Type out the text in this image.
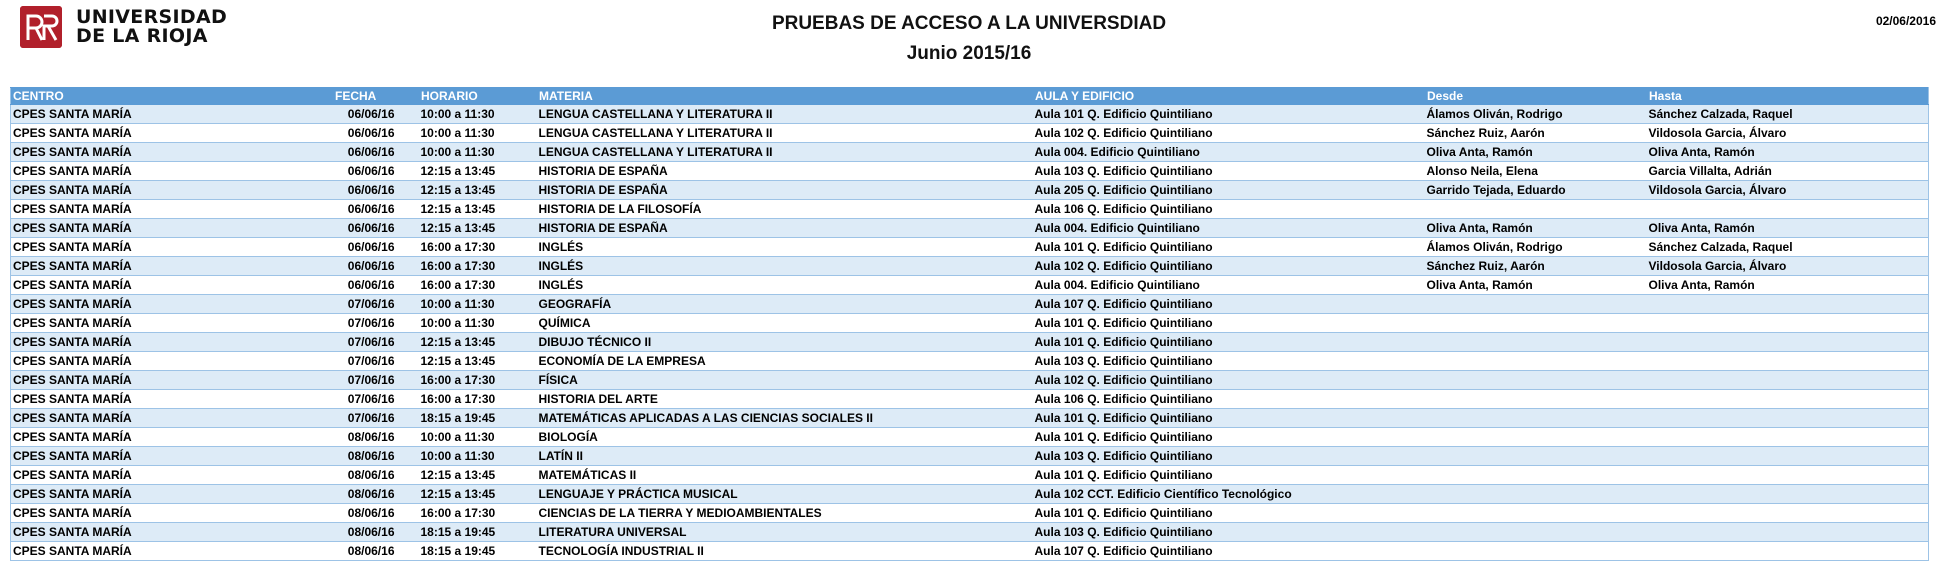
UNIVERSIDAD
DE LA RIOJA
PRUEBAS DE ACCESO A LA UNIVERSDIAD
Junio 2015/16
02/06/2016
CENTRO	FECHA	HORARIO	MATERIA	AULA Y EDIFICIO	Desde	Hasta
CPES SANTA MARÍA	06/06/16	10:00 a 11:30	LENGUA CASTELLANA Y LITERATURA II	Aula 101 Q. Edificio Quintiliano	Álamos Oliván, Rodrigo	Sánchez Calzada, Raquel
CPES SANTA MARÍA	06/06/16	10:00 a 11:30	LENGUA CASTELLANA Y LITERATURA II	Aula 102 Q. Edificio Quintiliano	Sánchez Ruiz, Aarón	Vildosola Garcia, Álvaro
CPES SANTA MARÍA	06/06/16	10:00 a 11:30	LENGUA CASTELLANA Y LITERATURA II	Aula 004. Edificio Quintiliano	Oliva Anta, Ramón	Oliva Anta, Ramón
CPES SANTA MARÍA	06/06/16	12:15 a 13:45	HISTORIA DE ESPAÑA	Aula 103 Q. Edificio Quintiliano	Alonso Neila, Elena	Garcia Villalta, Adrián
CPES SANTA MARÍA	06/06/16	12:15 a 13:45	HISTORIA DE ESPAÑA	Aula 205 Q. Edificio Quintiliano	Garrido Tejada, Eduardo	Vildosola Garcia, Álvaro
CPES SANTA MARÍA	06/06/16	12:15 a 13:45	HISTORIA DE LA FILOSOFÍA	Aula 106 Q. Edificio Quintiliano		
CPES SANTA MARÍA	06/06/16	12:15 a 13:45	HISTORIA DE ESPAÑA	Aula 004. Edificio Quintiliano	Oliva Anta, Ramón	Oliva Anta, Ramón
CPES SANTA MARÍA	06/06/16	16:00 a 17:30	INGLÉS	Aula 101 Q. Edificio Quintiliano	Álamos Oliván, Rodrigo	Sánchez Calzada, Raquel
CPES SANTA MARÍA	06/06/16	16:00 a 17:30	INGLÉS	Aula 102 Q. Edificio Quintiliano	Sánchez Ruiz, Aarón	Vildosola Garcia, Álvaro
CPES SANTA MARÍA	06/06/16	16:00 a 17:30	INGLÉS	Aula 004. Edificio Quintiliano	Oliva Anta, Ramón	Oliva Anta, Ramón
CPES SANTA MARÍA	07/06/16	10:00 a 11:30	GEOGRAFÍA	Aula 107 Q. Edificio Quintiliano		
CPES SANTA MARÍA	07/06/16	10:00 a 11:30	QUÍMICA	Aula 101 Q. Edificio Quintiliano		
CPES SANTA MARÍA	07/06/16	12:15 a 13:45	DIBUJO TÉCNICO II	Aula 101 Q. Edificio Quintiliano		
CPES SANTA MARÍA	07/06/16	12:15 a 13:45	ECONOMÍA DE LA EMPRESA	Aula 103 Q. Edificio Quintiliano		
CPES SANTA MARÍA	07/06/16	16:00 a 17:30	FÍSICA	Aula 102 Q. Edificio Quintiliano		
CPES SANTA MARÍA	07/06/16	16:00 a 17:30	HISTORIA DEL ARTE	Aula 106 Q. Edificio Quintiliano		
CPES SANTA MARÍA	07/06/16	18:15 a 19:45	MATEMÁTICAS APLICADAS A LAS CIENCIAS SOCIALES II	Aula 101 Q. Edificio Quintiliano		
CPES SANTA MARÍA	08/06/16	10:00 a 11:30	BIOLOGÍA	Aula 101 Q. Edificio Quintiliano		
CPES SANTA MARÍA	08/06/16	10:00 a 11:30	LATÍN II	Aula 103 Q. Edificio Quintiliano		
CPES SANTA MARÍA	08/06/16	12:15 a 13:45	MATEMÁTICAS II	Aula 101 Q. Edificio Quintiliano		
CPES SANTA MARÍA	08/06/16	12:15 a 13:45	LENGUAJE Y PRÁCTICA MUSICAL	Aula 102 CCT. Edificio Científico Tecnológico		
CPES SANTA MARÍA	08/06/16	16:00 a 17:30	CIENCIAS DE LA TIERRA Y MEDIOAMBIENTALES	Aula 101 Q. Edificio Quintiliano		
CPES SANTA MARÍA	08/06/16	18:15 a 19:45	LITERATURA UNIVERSAL	Aula 103 Q. Edificio Quintiliano		
CPES SANTA MARÍA	08/06/16	18:15 a 19:45	TECNOLOGÍA INDUSTRIAL II	Aula 107 Q. Edificio Quintiliano		
